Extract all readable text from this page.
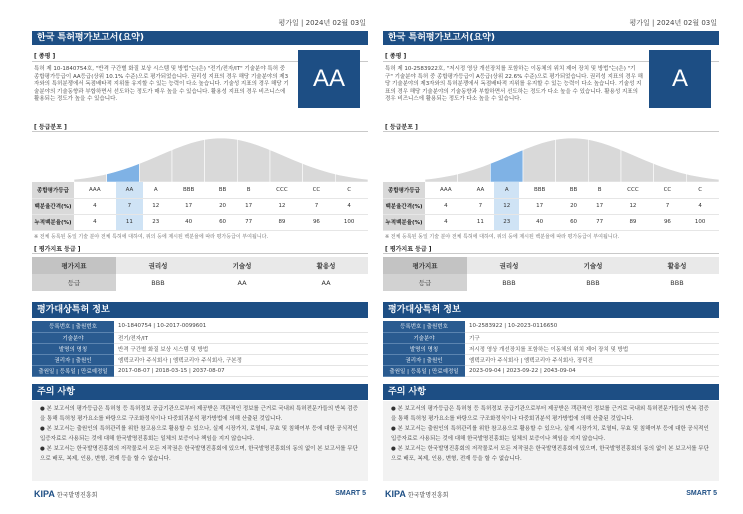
평가일 | 2024년 02월 03일
한국 특허평가보고서(요약)
[ 종평 ]
특허 제 10-1840754호, "반격 구간별 화질 보상 시스템 및 방법"는(은) "전기/전자/IT" 기술분야 특허 중 종합평가등급이 AA등급(상위 10.1% 수준)으로 평가되었습니다. 권리성 지표의 경우 해당 기술분야의 제3자와의 특허분쟁에서 독점배타적 지위를 유지할 수 있는 능력이 다소 높습니다. 기술성 지표의 경우 해당 기술분야의 기술동향과 부합하면서 선도하는 정도가 매우 높을 수 있습니다. 활용성 지표의 경우 비즈니스에 활용되는 정도가 높을 수 있습니다.
AA
[ 등급분포 ]
종합평가등급	AAA	AA	A	BBB	BB	B	CCC	CC	C
백분율간격(%)	4	7	12	17	20	17	12	7	4
누적백분율(%)	4	11	23	40	60	77	89	96	100
※ 전체 등록된 동일 기술 분야 전체 특허에 대하여, 위의 등에 제시된 백분율에 따라 평가등급이 부여됩니다.
[ 평가지표 등급 ]
평가지표	권리성	기술성	활용성
등급	BBB	AA	AA
평가대상특허 정보
등록번호 | 출원번호	10-1840754 | 10-2017-0099601
기술분야	전기/전자/IT
발명의 명칭	반격 구간별 화질 보상 시스템 및 방법
권리자 | 출원인	엠텍코리아 주식회사 | 엠텍코리아 주식회사, 구본정
출원일 | 등록일 | 만료예정일	2017-08-07 | 2018-03-15 | 2037-08-07
주의 사항

● 본 보고서의 평가등급은 특허청 등 특허정보 공급기관으로부터 제공받은 객관적인 정보를 근거로 국내외 특허전문가들의 반복 검증을 통해 특허청 평가요소를 바탕으로 구조화정식이나 다중회귀분석 평가방법에 의해 산출된 것입니다.

● 본 보고서는 출원인의 특허관리를 위한 참고용으로 활용할 수 있으나, 실제 시장가치, 로열티, 무효 및 침해여부 등에 대한 공식적인 입증자료로 사용되는 것에 대해 한국발명진흥회는 일체의 보증이나 책임을 지지 않습니다.

● 본 보고서는 한국발명진흥회의 저작물로서 모든 저작권은 한국발명진흥회에 있으며, 한국발명진흥회의 동의 없이 본 보고서를 무단으로 배포, 복제, 인용, 변형, 전재 등을 할 수 없습니다.

KIPA 한국발명진흥회	SMART 5
평가일 | 2024년 02월 03일
한국 특허평가보고서(요약)
[ 종평 ]
특허 제 10-2583922호, "저시정 영상 개선장치를 포함하는 이동체의 위치 제어 장치 및 방법"는(은) "기구" 기술분야 특허 중 종합평가등급이 A등급(상위 22.6% 수준)으로 평가되었습니다. 권리성 지표의 경우 해당 기술분야의 제3자와의 특허분쟁에서 독점배타적 지위를 유지할 수 있는 능력이 다소 높습니다. 기술성 지표의 경우 해당 기술분야의 기술동향과 부합하면서 선도하는 정도가 다소 높을 수 있습니다. 활용성 지표의 경우 비즈니스에 활용되는 정도가 다소 높을 수 있습니다.
A
[ 등급분포 ]
종합평가등급	AAA	AA	A	BBB	BB	B	CCC	CC	C
백분율간격(%)	4	7	12	17	20	17	12	7	4
누적백분율(%)	4	11	23	40	60	77	89	96	100
※ 전체 등록된 동일 기술 분야 전체 특허에 대하여, 위의 등에 제시된 백분율에 따라 평가등급이 부여됩니다.
[ 평가지표 등급 ]
평가지표	권리성	기술성	활용성
등급	BBB	BBB	BBB
평가대상특허 정보
등록번호 | 출원번호	10-2583922 | 10-2023-0116650
기술분야	기구
발명의 명칭	저시정 영상 개선장치를 포함하는 이동체의 위치 제어 장치 및 방법
권리자 | 출원인	엠텍코리아 주식회사 | 엠텍코리아 주식회사, 장덕진
출원일 | 등록일 | 만료예정일	2023-09-04 | 2023-09-22 | 2043-09-04
주의 사항

● 본 보고서의 평가등급은 특허청 등 특허정보 공급기관으로부터 제공받은 객관적인 정보를 근거로 국내외 특허전문가들의 반복 검증을 통해 특허청 평가요소를 바탕으로 구조화정식이나 다중회귀분석 평가방법에 의해 산출된 것입니다.

● 본 보고서는 출원인의 특허관리를 위한 참고용으로 활용할 수 있으나, 실제 시장가치, 로열티, 무효 및 침해여부 등에 대한 공식적인 입증자료로 사용되는 것에 대해 한국발명진흥회는 일체의 보증이나 책임을 지지 않습니다.

● 본 보고서는 한국발명진흥회의 저작물로서 모든 저작권은 한국발명진흥회에 있으며, 한국발명진흥회의 동의 없이 본 보고서를 무단으로 배포, 복제, 인용, 변형, 전재 등을 할 수 없습니다.

KIPA 한국발명진흥회	SMART 5
